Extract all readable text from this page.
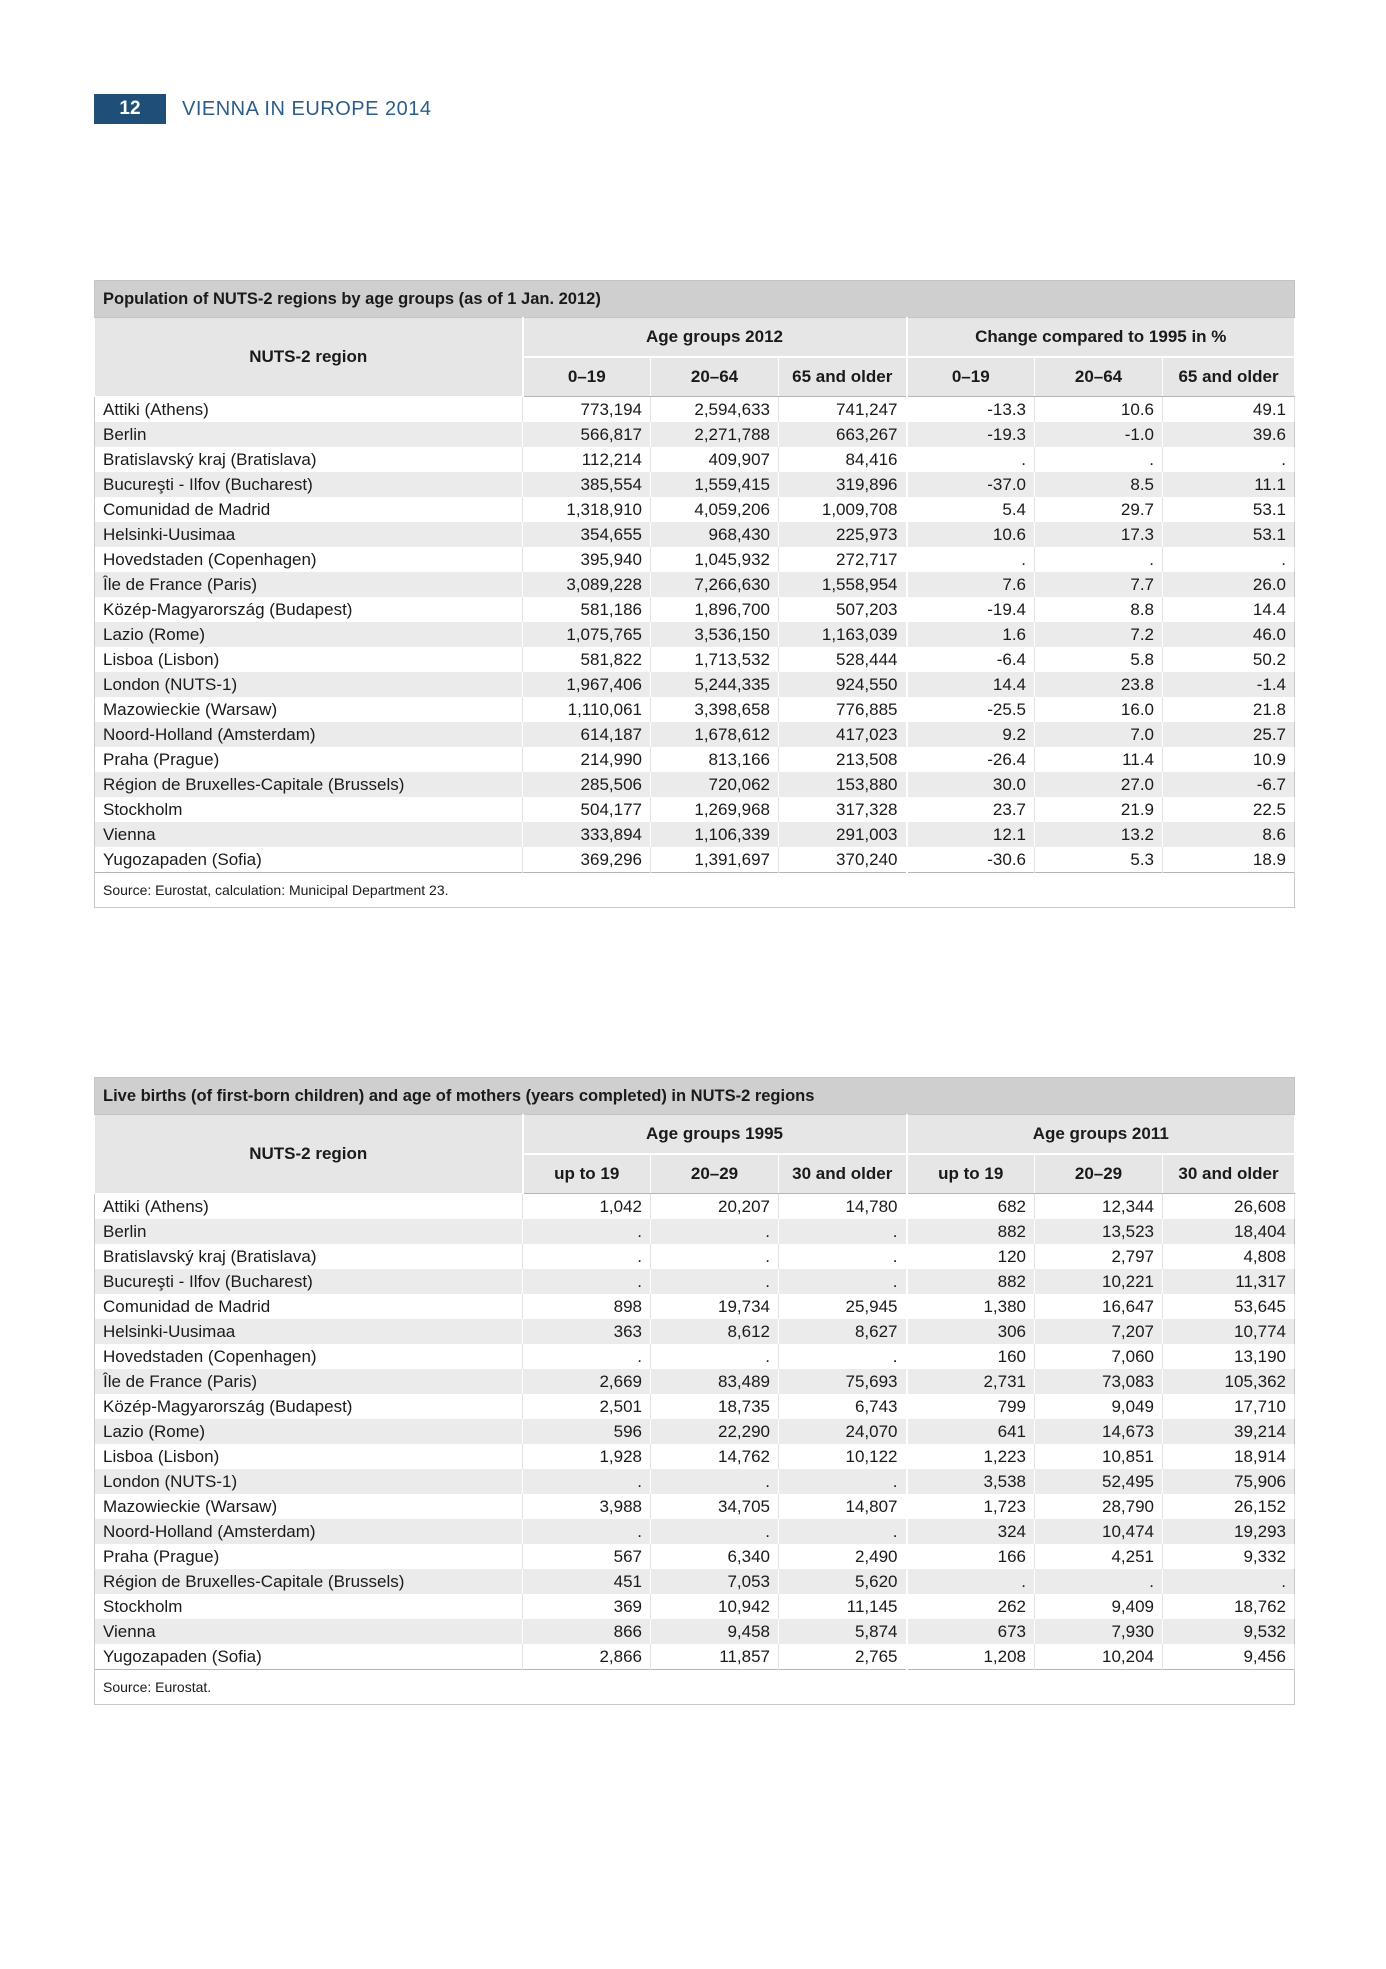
12	VIENNA IN EUROPE 2014
Population of NUTS-2 regions by age groups (as of 1 Jan. 2012)						
NUTS-2 region	Age groups 2012			Change compared to 1995 in %		
	0–19	20–64	65 and older	0–19	20–64	65 and older
Attiki (Athens)	773,194	2,594,633	741,247	-13.3	10.6	49.1
Berlin	566,817	2,271,788	663,267	-19.3	-1.0	39.6
Bratislavský kraj (Bratislava)	112,214	409,907	84,416	.	.	.
Bucureşti - Ilfov (Bucharest)	385,554	1,559,415	319,896	-37.0	8.5	11.1
Comunidad de Madrid	1,318,910	4,059,206	1,009,708	5.4	29.7	53.1
Helsinki-Uusimaa	354,655	968,430	225,973	10.6	17.3	53.1
Hovedstaden (Copenhagen)	395,940	1,045,932	272,717	.	.	.
Île de France (Paris)	3,089,228	7,266,630	1,558,954	7.6	7.7	26.0
Közép-Magyarország (Budapest)	581,186	1,896,700	507,203	-19.4	8.8	14.4
Lazio (Rome)	1,075,765	3,536,150	1,163,039	1.6	7.2	46.0
Lisboa (Lisbon)	581,822	1,713,532	528,444	-6.4	5.8	50.2
London (NUTS-1)	1,967,406	5,244,335	924,550	14.4	23.8	-1.4
Mazowieckie (Warsaw)	1,110,061	3,398,658	776,885	-25.5	16.0	21.8
Noord-Holland (Amsterdam)	614,187	1,678,612	417,023	9.2	7.0	25.7
Praha (Prague)	214,990	813,166	213,508	-26.4	11.4	10.9
Région de Bruxelles-Capitale (Brussels)	285,506	720,062	153,880	30.0	27.0	-6.7
Stockholm	504,177	1,269,968	317,328	23.7	21.9	22.5
Vienna	333,894	1,106,339	291,003	12.1	13.2	8.6
Yugozapaden (Sofia)	369,296	1,391,697	370,240	-30.6	5.3	18.9
Source: Eurostat, calculation: Municipal Department 23.						
Live births (of first-born children) and age of mothers (years completed) in NUTS-2 regions						
NUTS-2 region	Age groups 1995			Age groups 2011		
	up to 19	20–29	30 and older	up to 19	20–29	30 and older
Attiki (Athens)	1,042	20,207	14,780	682	12,344	26,608
Berlin	.	.	.	882	13,523	18,404
Bratislavský kraj (Bratislava)	.	.	.	120	2,797	4,808
Bucureşti - Ilfov (Bucharest)	.	.	.	882	10,221	11,317
Comunidad de Madrid	898	19,734	25,945	1,380	16,647	53,645
Helsinki-Uusimaa	363	8,612	8,627	306	7,207	10,774
Hovedstaden (Copenhagen)	.	.	.	160	7,060	13,190
Île de France (Paris)	2,669	83,489	75,693	2,731	73,083	105,362
Közép-Magyarország (Budapest)	2,501	18,735	6,743	799	9,049	17,710
Lazio (Rome)	596	22,290	24,070	641	14,673	39,214
Lisboa (Lisbon)	1,928	14,762	10,122	1,223	10,851	18,914
London (NUTS-1)	.	.	.	3,538	52,495	75,906
Mazowieckie (Warsaw)	3,988	34,705	14,807	1,723	28,790	26,152
Noord-Holland (Amsterdam)	.	.	.	324	10,474	19,293
Praha (Prague)	567	6,340	2,490	166	4,251	9,332
Région de Bruxelles-Capitale (Brussels)	451	7,053	5,620	.	.	.
Stockholm	369	10,942	11,145	262	9,409	18,762
Vienna	866	9,458	5,874	673	7,930	9,532
Yugozapaden (Sofia)	2,866	11,857	2,765	1,208	10,204	9,456
Source: Eurostat.						
